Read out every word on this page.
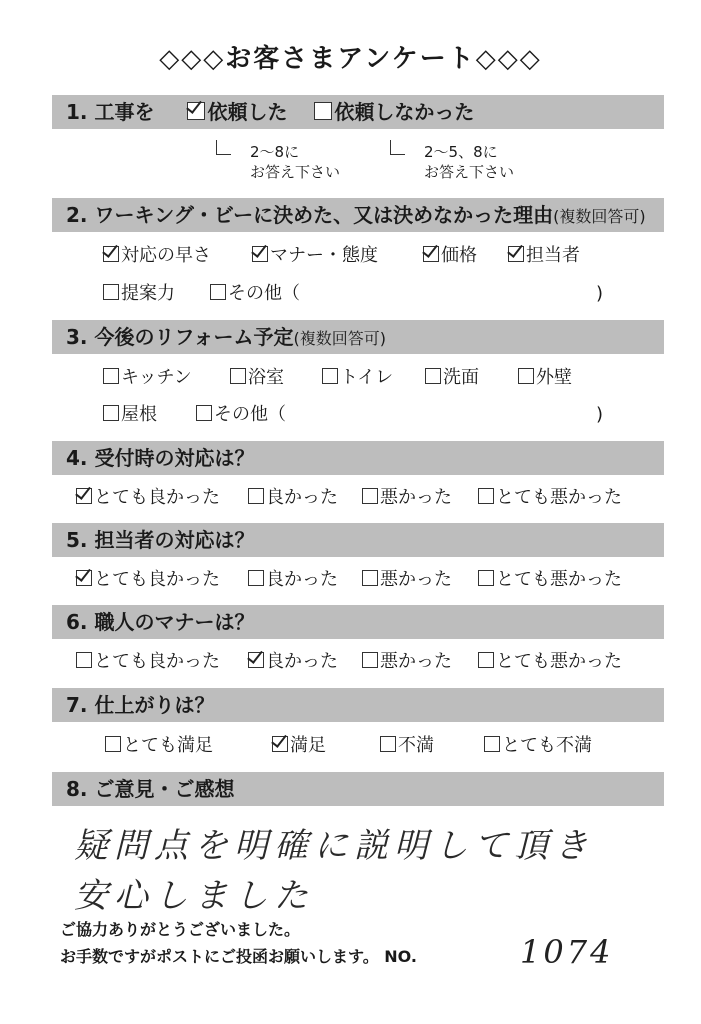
◇◇◇お客さまアンケート◇◇◇
1. 工事を	依頼した 依頼しなかった
2〜8に
お答え下さい
2〜5、8に
お答え下さい
2. ワーキング・ビーに決めた、又は決めなかった理由(複数回答可)
対応の早さ	マナー・態度	価格	担当者
提案力	その他（	)
3. 今後のリフォーム予定(複数回答可)
キッチン	浴室	トイレ	洗面	外壁
屋根	その他（	)
4. 受付時の対応は？
とても良かった	良かった	悪かった	とても悪かった
5. 担当者の対応は？
とても良かった	良かった	悪かった	とても悪かった
6. 職人のマナーは？
とても良かった	良かった	悪かった	とても悪かった
7. 仕上がりは？
とても満足	満足	不満	とても不満
8. ご意見・ご感想
疑問点を明確に説明して頂き
安心しました
ご協力ありがとうございました。
お手数ですがポストにご投函お願いします。 NO.	1074
